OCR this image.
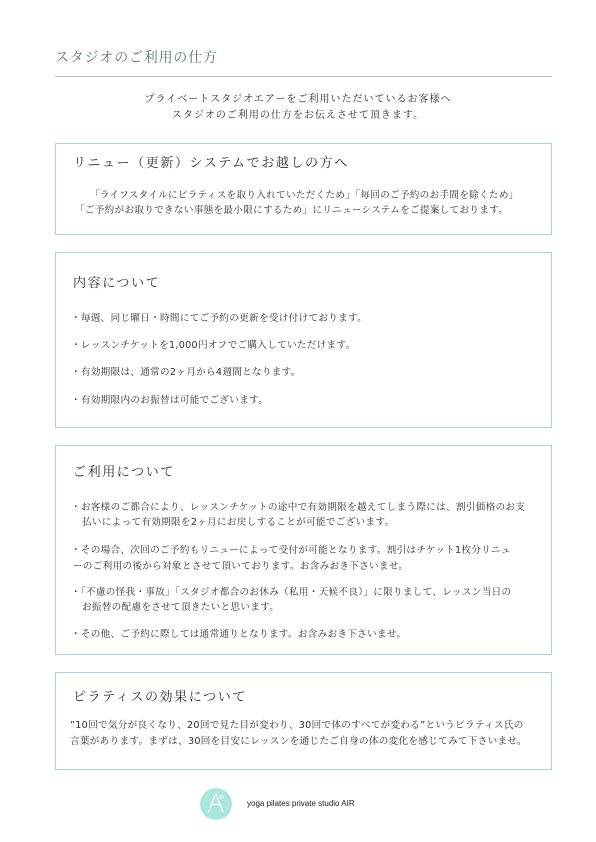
スタジオのご利用の仕方
プライベートスタジオエアーをご利用いただいているお客様へ
スタジオのご利用の仕方をお伝えさせて頂きます。
リニュー（更新）システムでお越しの方へ
「ライフスタイルにピラティスを取り入れていただくため」「毎回のご予約のお手間を除くため」
「ご予約がお取りできない事態を最小限にするため」にリニューシステムをご提案しております。
内容について
・毎週、同じ曜日・時間にてご予約の更新を受け付けております。
・レッスンチケットを1,000円オフでご購入していただけます。
・有効期限は、通常の2ヶ月から4週間となります。
・有効期限内のお振替は可能でございます。
ご利用について
・お客様のご都合により、レッスンチケットの途中で有効期限を越えてしまう際には、割引価格のお支
払いによって有効期限を2ヶ月にお戻しすることが可能でございます。
・その場合、次回のご予約もリニューによって受付が可能となります。割引はチケット1枚分リニュ
ーのご利用の後から対象とさせて頂いております。お含みおき下さいませ。
・「不慮の怪我・事故」「スタジオ都合のお休み（私用・天候不良）」に限りまして、レッスン当日の
お振替の配慮をさせて頂きたいと思います。
・その他、ご予約に際しては通常通りとなります。お含みおき下さいませ。
ピラティスの効果について
”10回で気分が良くなり、20回で見た目が変わり、30回で体のすべてが変わる”というピラティス氏の
言葉があります。まずは、30回を目安にレッスンを通じたご自身の体の変化を感じてみて下さいませ。
yoga pilates private studio AIR
